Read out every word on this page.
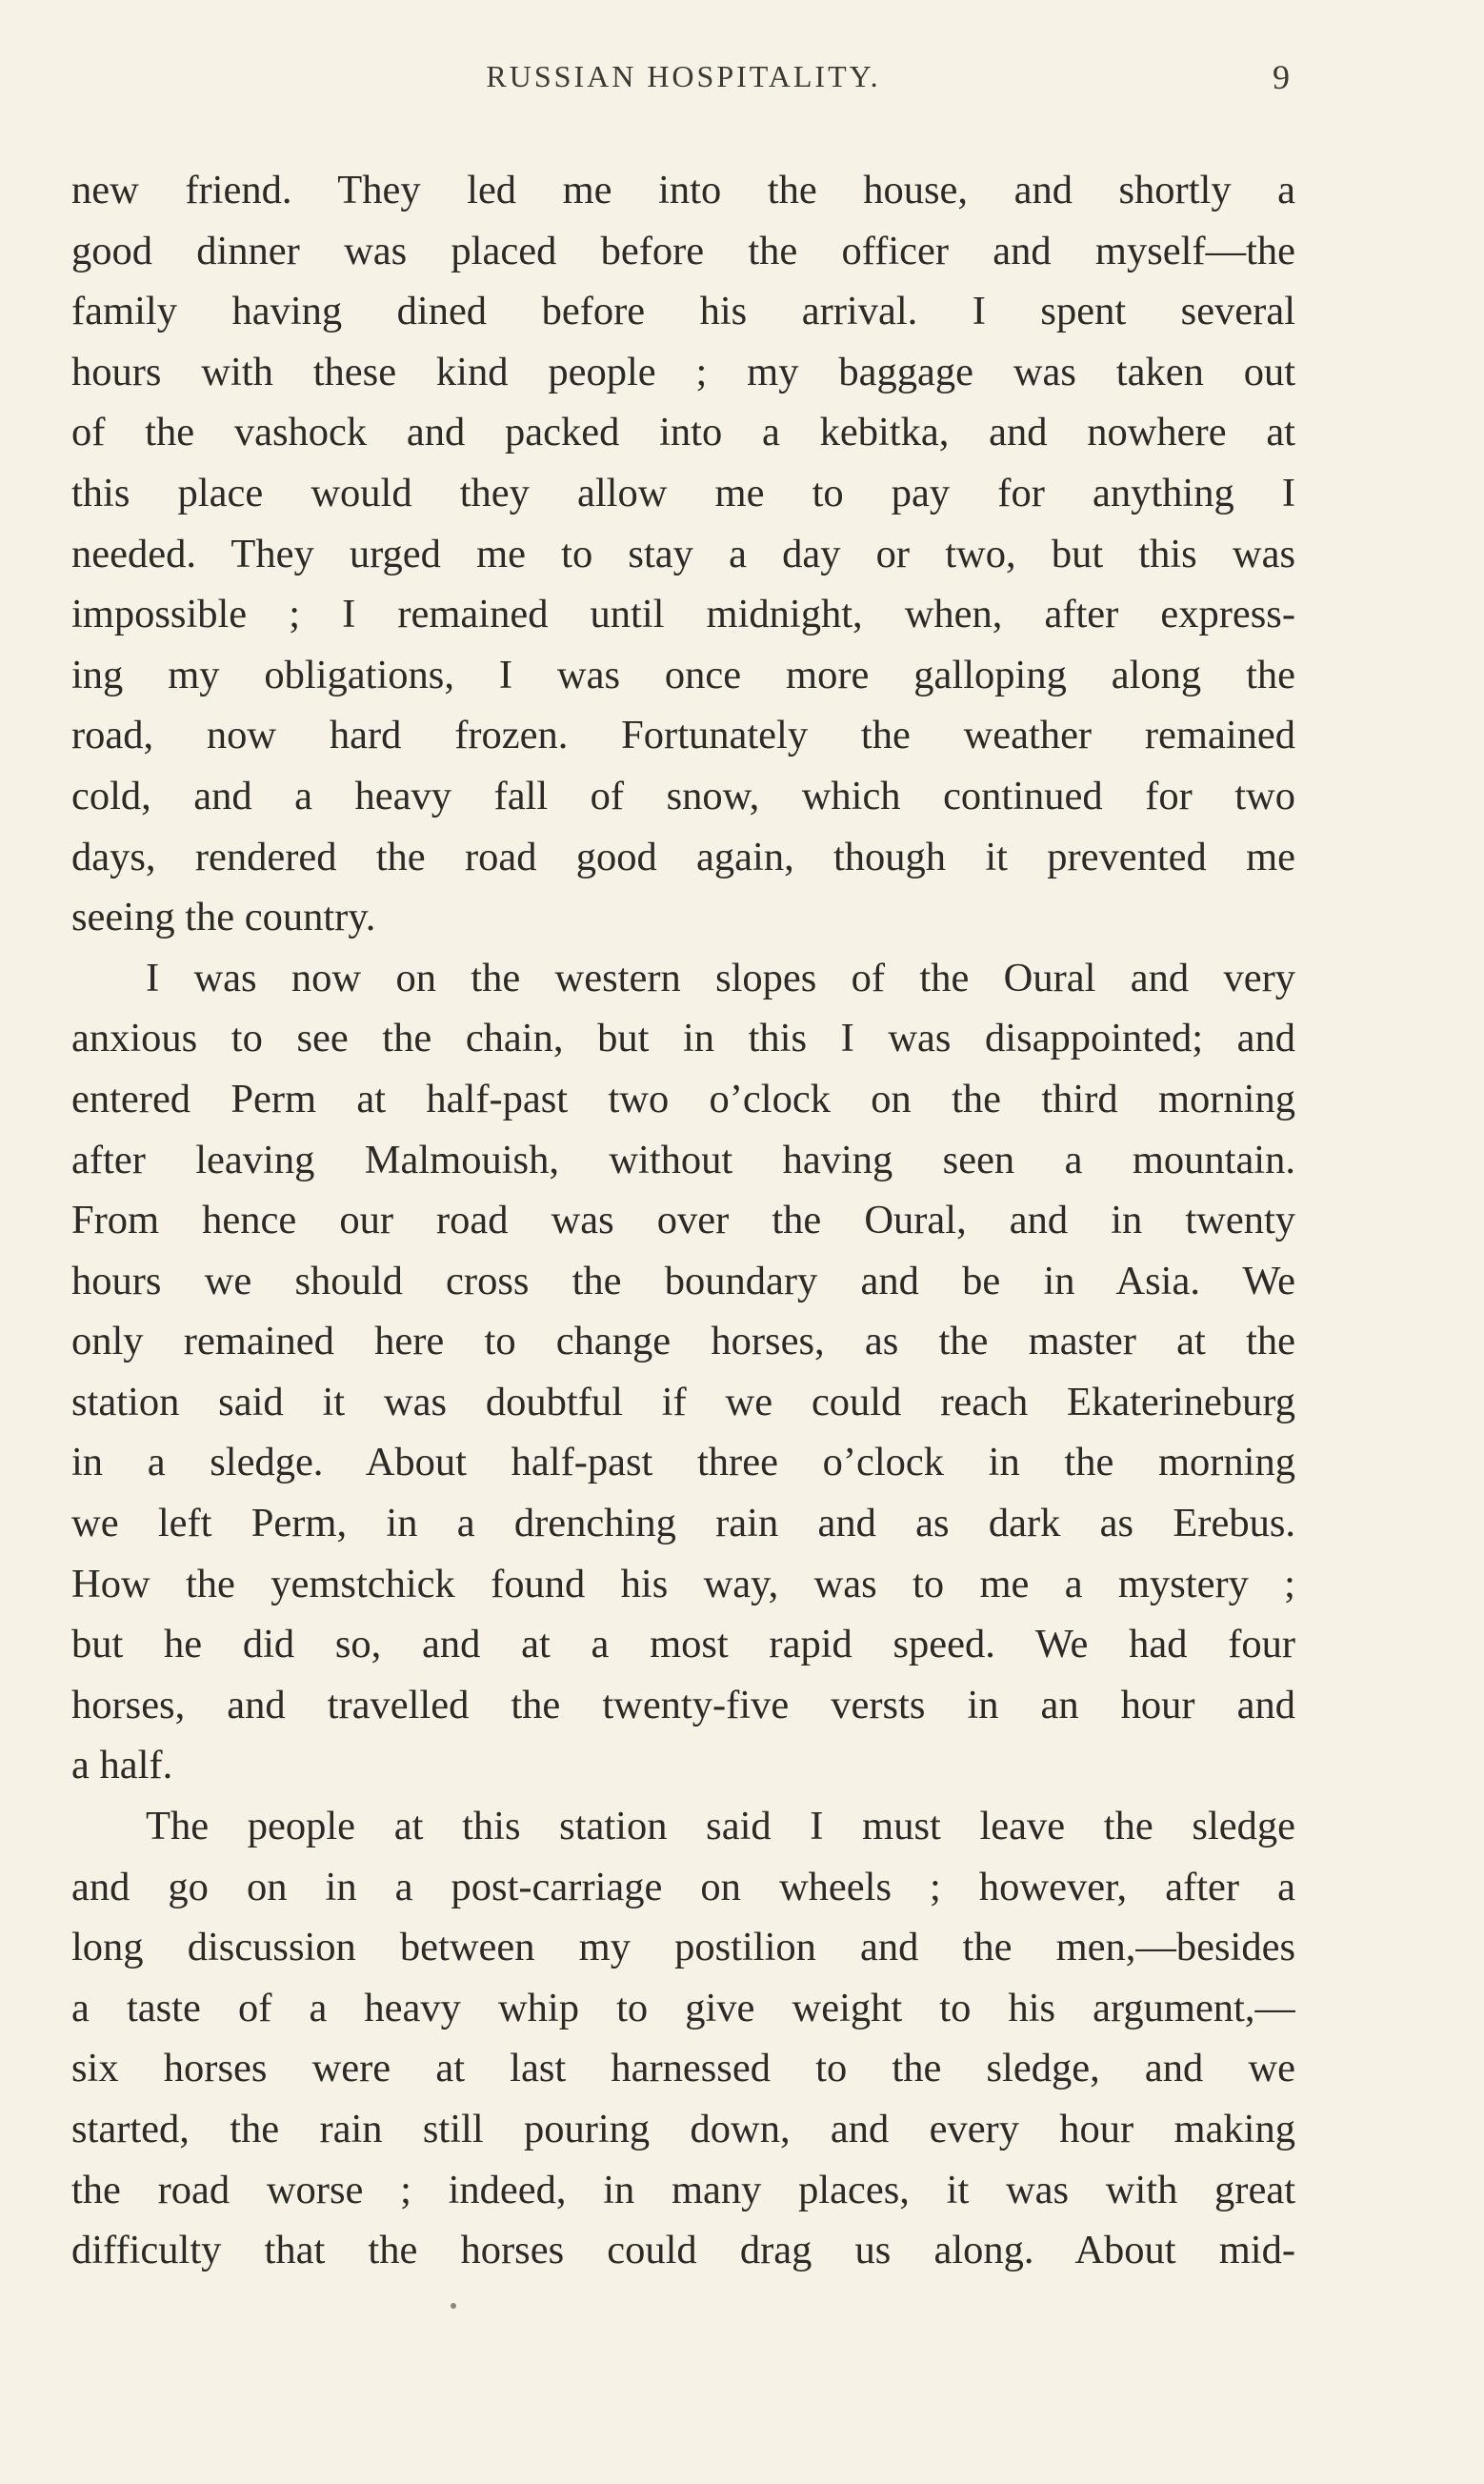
RUSSIAN HOSPITALITY.	9
new friend. They led me into the house, and shortly a
good dinner was placed before the officer and myself—the
family having dined before his arrival. I spent several
hours with these kind people ; my baggage was taken out
of the vashock and packed into a kebitka, and nowhere at
this place would they allow me to pay for anything I
needed. They urged me to stay a day or two, but this was
impossible ; I remained until midnight, when, after express-
ing my obligations, I was once more galloping along the
road, now hard frozen. Fortunately the weather remained
cold, and a heavy fall of snow, which continued for two
days, rendered the road good again, though it prevented me
seeing the country.
I was now on the western slopes of the Oural and very
anxious to see the chain, but in this I was disappointed; and
entered Perm at half-past two o’clock on the third morning
after leaving Malmouish, without having seen a mountain.
From hence our road was over the Oural, and in twenty
hours we should cross the boundary and be in Asia. We
only remained here to change horses, as the master at the
station said it was doubtful if we could reach Ekaterineburg
in a sledge. About half-past three o’clock in the morning
we left Perm, in a drenching rain and as dark as Erebus.
How the yemstchick found his way, was to me a mystery ;
but he did so, and at a most rapid speed. We had four
horses, and travelled the twenty-five versts in an hour and
a half.
The people at this station said I must leave the sledge
and go on in a post-carriage on wheels ; however, after a
long discussion between my postilion and the men,—besides
a taste of a heavy whip to give weight to his argument,—
six horses were at last harnessed to the sledge, and we
started, the rain still pouring down, and every hour making
the road worse ; indeed, in many places, it was with great
difficulty that the horses could drag us along. About mid-
